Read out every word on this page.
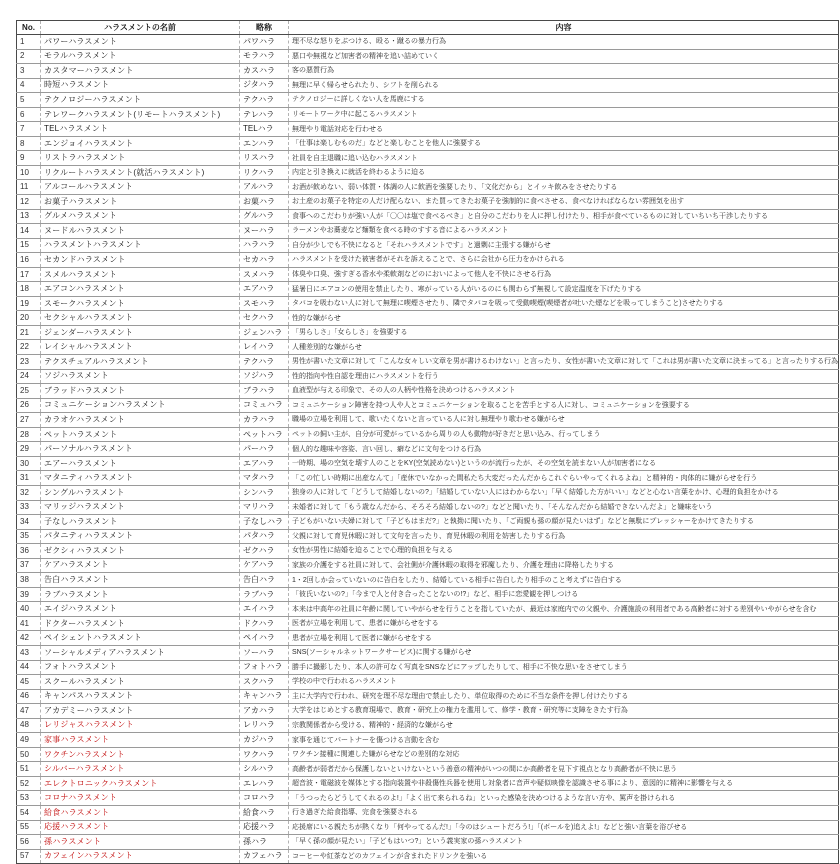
No.	ハラスメントの名前	略称	内容
1	パワーハラスメント	パワハラ	理不尽な怒りをぶつける、殴る・蹴るの暴力行為
2	モラルハラスメント	モラハラ	悪口や無視など加害者の精神を追い詰めていく
3	カスタマーハラスメント	カスハラ	客の悪質行為
4	時短ハラスメント	ジタハラ	無理に早く帰らせられたり、シフトを削られる
5	テクノロジーハラスメント	テクハラ	テクノロジーに詳しくない人を馬鹿にする
6	テレワークハラスメント(リモートハラスメント)	テレハラ	リモートワーク中に起こるハラスメント
7	TELハラスメント	TELハラ	無理やり電話対応を行わせる
8	エンジョイハラスメント	エンハラ	「仕事は楽しむものだ」などと楽しむことを他人に強要する
9	リストラハラスメント	リスハラ	社員を自主退職に追い込むハラスメント
10	リクルートハラスメント(就活ハラスメント)	リクハラ	内定と引き換えに就活を終わるように迫る
11	アルコールハラスメント	アルハラ	お酒が飲めない、弱い体質・体調の人に飲酒を強要したり、「文化だから」とイッキ飲みをさせたりする
12	お菓子ハラスメント	お菓ハラ	お土産のお菓子を特定の人だけ配らない、また買ってきたお菓子を強制的に食べさせる、食べなければならない雰囲気を出す
13	グルメハラスメント	グルハラ	食事へのこだわりが強い人が「〇〇は塩で食べるべき」と自分のこだわりを人に押し付けたり、相手が食べているものに対していちいち干渉したりする
14	ヌードルハラスメント	ヌーハラ	ラーメンやお蕎麦など麺類を食べる時のすする音によるハラスメント
15	ハラスメントハラスメント	ハラハラ	自分が少しでも不快になると「それハラスメントです」と過剰に主張する嫌がらせ
16	セカンドハラスメント	セカハラ	ハラスメントを受けた被害者がそれを訴えることで、さらに会社から圧力をかけられる
17	スメルハラスメント	スメハラ	体臭や口臭、強すぎる香水や柔軟剤などのにおいによって他人を不快にさせる行為
18	エアコンハラスメント	エアハラ	猛暑日にエアコンの使用を禁止したり、寒がっている人がいるのにも関わらず無視して設定温度を下げたりする
19	スモークハラスメント	スモハラ	タバコを吸わない人に対して無理に喫煙させたり、隣でタバコを吸って受動喫煙(喫煙者が吐いた煙などを吸ってしまうこと)させたりする
20	セクシャルハラスメント	セクハラ	性的な嫌がらせ
21	ジェンダーハラスメント	ジェンハラ	「男らしさ」「女らしさ」を強要する
22	レイシャルハラスメント	レイハラ	人種差別的な嫌がらせ
23	テクスチュアルハラスメント	テクハラ	男性が書いた文章に対して「こんな女々しい文章を男が書けるわけない」と言ったり、女性が書いた文章に対して「これは男が書いた文章に決まってる」と言ったりする行為
24	ソジハラスメント	ソジハラ	性的指向や性自認を理由にハラスメントを行う
25	ブラッドハラスメント	ブラハラ	血液型が与える印象で、その人の人柄や性格を決めつけるハラスメント
26	コミュニケーションハラスメント	コミュハラ	コミュニケーション障害を持つ人や人とコミュニケーションを取ることを苦手とする人に対し、コミュニケーションを強要する
27	カラオケハラスメント	カラハラ	職場の立場を利用して、歌いたくないと言っている人に対し無理やり歌わせる嫌がらせ
28	ペットハラスメント	ペットハラ	ペットの飼い主が、自分が可愛がっているから周りの人も動物が好きだと思い込み、行ってしまう
29	パーソナルハラスメント	パーハラ	個人的な趣味や容姿、言い回し、癖などに文句をつける行為
30	エアーハラスメント	エアハラ	一時期、場の空気を壊す人のことをKY(空気読めない)というのが流行ったが、その空気を読まない人が加害者になる
31	マタニティハラスメント	マタハラ	「この忙しい時期に出産なんて」「産休でいなかった間私たち大変だったんだからこれぐらいやってくれるよね」と精神的・肉体的に嫌がらせを行う
32	シングルハラスメント	シンハラ	独身の人に対して「どうして結婚しないの?」「結婚していない人にはわからない」「早く結婚した方がいい」などと心ない言葉をかけ、心理的負担をかける
33	マリッジハラスメント	マリハラ	未婚者に対して「もう歳なんだから、そろそろ結婚しないの?」などと聞いたり、「そんなんだから結婚できないんだよ」と嫌味をいう
34	子なしハラスメント	子なしハラ	子どもがいない夫婦に対して「子どもはまだ?」と執拗に聞いたり、「ご両親も孫の顔が見たいはず」などと無駄にプレッシャーをかけてきたりする
35	パタニティハラスメント	パタハラ	父親に対して育児休暇に対して文句を言ったり、育児休暇の利用を妨害したりする行為
36	ゼクシィハラスメント	ゼクハラ	女性が男性に結婚を迫ることで心理的負担を与える
37	ケアハラスメント	ケアハラ	家族の介護をする社員に対して、会社側が介護休暇の取得を邪魔したり、介護を理由に降格したりする
38	告白ハラスメント	告白ハラ	1・2回しか会っていないのに告白をしたり、結婚している相手に告白したり相手のこと考えずに告白する
39	ラブハラスメント	ラブハラ	「彼氏いないの?」「今まで人と付き合ったことないの!?」など、相手に恋愛観を押しつける
40	エイジハラスメント	エイハラ	本来は中高年の社員に年齢に関していやがらせを行うことを指していたが、最近は家庭内での父親や、介護施設の利用者である高齢者に対する差別やいやがらせを含む
41	ドクターハラスメント	ドクハラ	医者が立場を利用して、患者に嫌がらせをする
42	ペイシェントハラスメント	ペイハラ	患者が立場を利用して医者に嫌がらせをする
43	ソーシャルメディアハラスメント	ソーハラ	SNS(ソーシャルネットワークサービス)に関する嫌がらせ
44	フォトハラスメント	フォトハラ	勝手に撮影したり、本人の許可なく写真をSNSなどにアップしたりして、相手に不快な思いをさせてしまう
45	スクールハラスメント	スクハラ	学校の中で行われるハラスメント
46	キャンパスハラスメント	キャンハラ	主に大学内で行われ、研究を理不尽な理由で禁止したり、単位取得のために不当な条件を押し付けたりする
47	アカデミーハラスメント	アカハラ	大学をはじめとする教育現場で、教育・研究上の権力を濫用して、修学・教育・研究等に支障をきたす行為
48	レリジャスハラスメント	レリハラ	宗教関係者から受ける、精神的・経済的な嫌がらせ
49	家事ハラスメント	カジハラ	家事を通じてパートナーを傷つける言動を含む
50	ワクチンハラスメント	ワクハラ	ワクチン接種に関連した嫌がらせなどの差別的な対応
51	シルバーハラスメント	シルハラ	高齢者が弱者だから保護しないといけないという善意の精神がいつの間にか高齢者を見下す視点となり高齢者が不快に思う
52	エレクトロニックハラスメント	エレハラ	超音波・電磁波を媒体とする指向装置や非殺傷性兵器を使用し対象者に音声や疑似映像を認識させる事により、意図的に精神に影響を与える
53	コロナハラスメント	コロハラ	「うつったらどうしてくれるのよ!」「よく出て来られるね」といった感染を決めつけるような言い方や、罵声を掛けられる
54	給食ハラスメント	給食ハラ	行き過ぎた給食指導、完食を強要される
55	応援ハラスメント	応援ハラ	応援席にいる親たちが熱くなり「何やってるんだ!」「今のはシュートだろう!」「(ボールを)追えよ!」などと強い言葉を浴びせる
56	孫ハラスメント	孫ハラ	「早く孫の顔が見たい」「子どもはいつ?」という義実家の孫ハラスメント
57	カフェインハラスメント	カフェハラ	コーヒーや紅茶などのカフェインが含まれたドリンクを強いる
